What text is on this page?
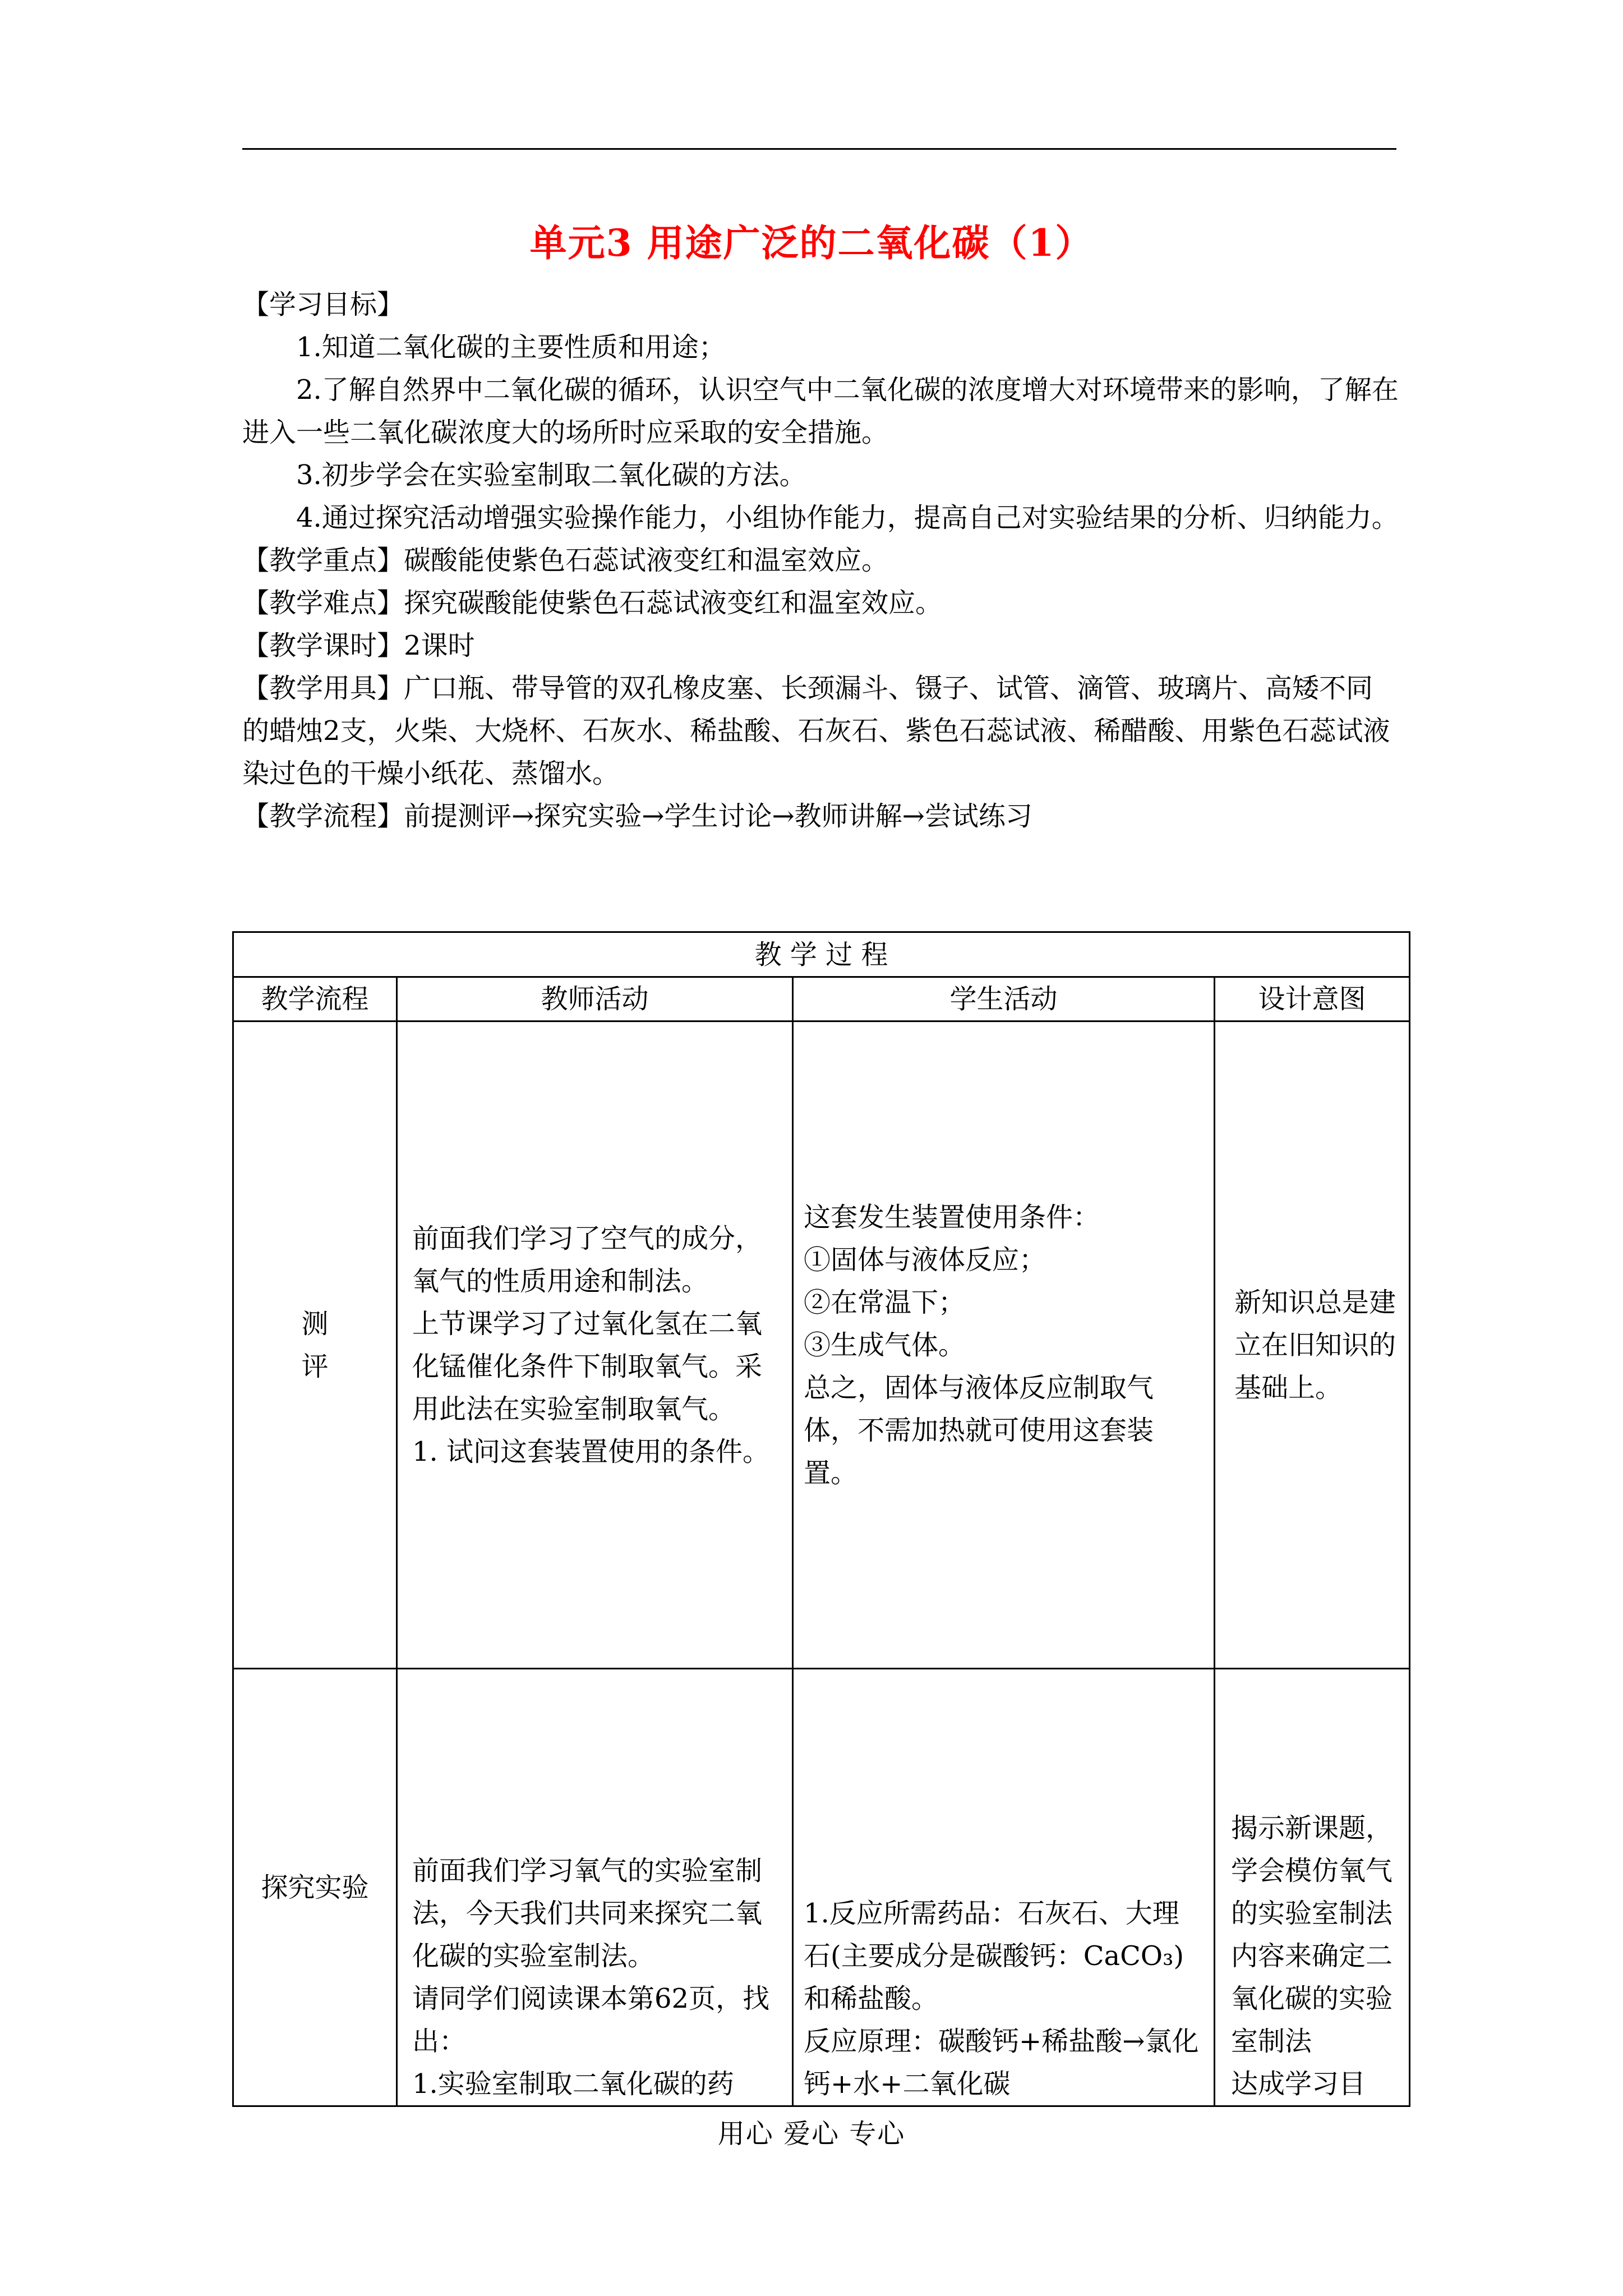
单元3 用途广泛的二氧化碳（1）

【学习目标】

1.知道二氧化碳的主要性质和用途；

2.了解自然界中二氧化碳的循环，认识空气中二氧化碳的浓度增大对环境带来的影响，了解在进入一些二氧化碳浓度大的场所时应采取的安全措施。

3.初步学会在实验室制取二氧化碳的方法。

4.通过探究活动增强实验操作能力，小组协作能力，提高自己对实验结果的分析、归纳能力。

【教学重点】碳酸能使紫色石蕊试液变红和温室效应。

【教学难点】探究碳酸能使紫色石蕊试液变红和温室效应。

【教学课时】2课时

【教学用具】广口瓶、带导管的双孔橡皮塞、长颈漏斗、镊子、试管、滴管、玻璃片、高矮不同的蜡烛2支，火柴、大烧杯、石灰水、稀盐酸、石灰石、紫色石蕊试液、稀醋酸、用紫色石蕊试液染过色的干燥小纸花、蒸馏水。

【教学流程】前提测评→探究实验→学生讨论→教师讲解→尝试练习

教 学 过 程			
教学流程	教师活动	学生活动	设计意图
测
评	前面我们学习了空气的成分，氧气的性质用途和制法。
上节课学习了过氧化氢在二氧化锰催化条件下制取氧气。采用此法在实验室制取氧气。
1. 试问这套装置使用的条件。	这套发生装置使用条件：
①固体与液体反应；
②在常温下；
③生成气体。
总之，固体与液体反应制取气体，不需加热就可使用这套装置。	新知识总是建立在旧知识的基础上。
探究实验	前面我们学习氧气的实验室制法，今天我们共同来探究二氧化碳的实验室制法。
请同学们阅读课本第62页，找出：
1.实验室制取二氧化碳的药	1.反应所需药品：石灰石、大理石(主要成分是碳酸钙：CaCO₃)和稀盐酸。
反应原理：碳酸钙+稀盐酸→氯化钙+水+二氧化碳	揭示新课题，学会模仿氧气的实验室制法内容来确定二氧化碳的实验室制法
达成学习目
用心 爱心 专心
